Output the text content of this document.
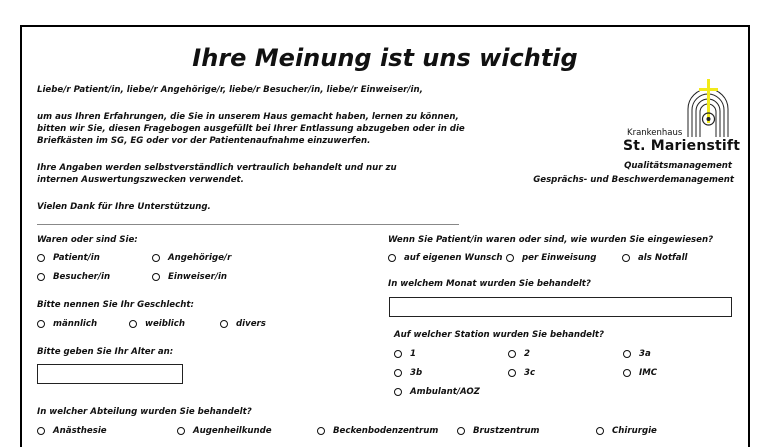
Ihre Meinung ist uns wichtig
Liebe/r Patient/in, liebe/r Angehörige/r, liebe/r Besucher/in, liebe/r Einweiser/in,
um aus Ihren Erfahrungen, die Sie in unserem Haus gemacht haben, lernen zu können,
bitten wir Sie, diesen Fragebogen ausgefüllt bei Ihrer Entlassung abzugeben oder in die
Briefkästen im SG, EG oder vor der Patientenaufnahme einzuwerfen.
Ihre Angaben werden selbstverständlich vertraulich behandelt und nur zu
internen Auswertungszwecken verwendet.
Vielen Dank für Ihre Unterstützung.
Krankenhaus
St. Marienstift
Qualitätsmanagement
Gesprächs- und Beschwerdemanagement
Waren oder sind Sie:
Patient/in	Angehörige/r
Besucher/in	Einweiser/in
Bitte nennen Sie Ihr Geschlecht:
männlich	weiblich	divers
Bitte geben Sie Ihr Alter an:
Wenn Sie Patient/in waren oder sind, wie wurden Sie eingewiesen?
auf eigenen Wunsch per Einweisung	als Notfall
In welchem Monat wurden Sie behandelt?
Auf welcher Station wurden Sie behandelt?
1	2	3a
3b	3c	IMC
Ambulant/AOZ
In welcher Abteilung wurden Sie behandelt?
Anästhesie	Augenheilkunde	Beckenbodenzentrum	Brustzentrum	Chirurgie
